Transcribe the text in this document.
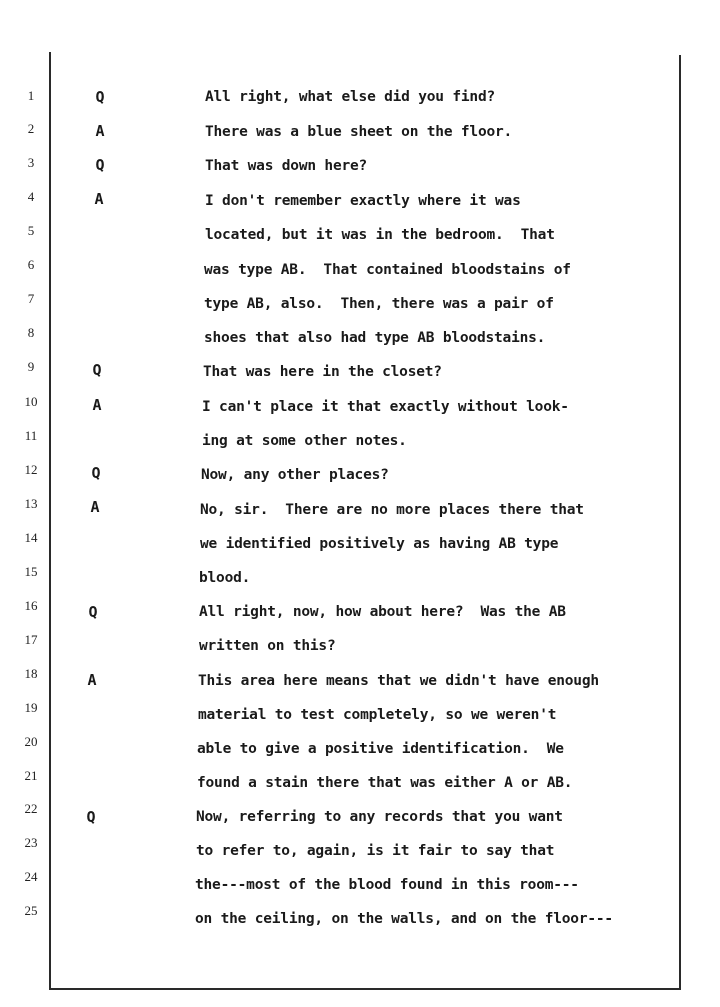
1
2
3
4
5
6
7
8
9
10
11
12
13
14
15
16
17
18
19
20
21
22
23
24
25
Q
A
Q
A
Q
A
Q
A
Q
A
Q
All right, what else did you find?
There was a blue sheet on the floor.
That was down here?
I don't remember exactly where it was
located, but it was in the bedroom.  That
was type AB.  That contained bloodstains of
type AB, also.  Then, there was a pair of
shoes that also had type AB bloodstains.
That was here in the closet?
I can't place it that exactly without look-
ing at some other notes.
Now, any other places?
No, sir.  There are no more places there that
we identified positively as having AB type
blood.
All right, now, how about here?  Was the AB
written on this?
This area here means that we didn't have enough
material to test completely, so we weren't
able to give a positive identification.  We
found a stain there that was either A or AB.
Now, referring to any records that you want
to refer to, again, is it fair to say that
the---most of the blood found in this room---
on the ceiling, on the walls, and on the floor---
